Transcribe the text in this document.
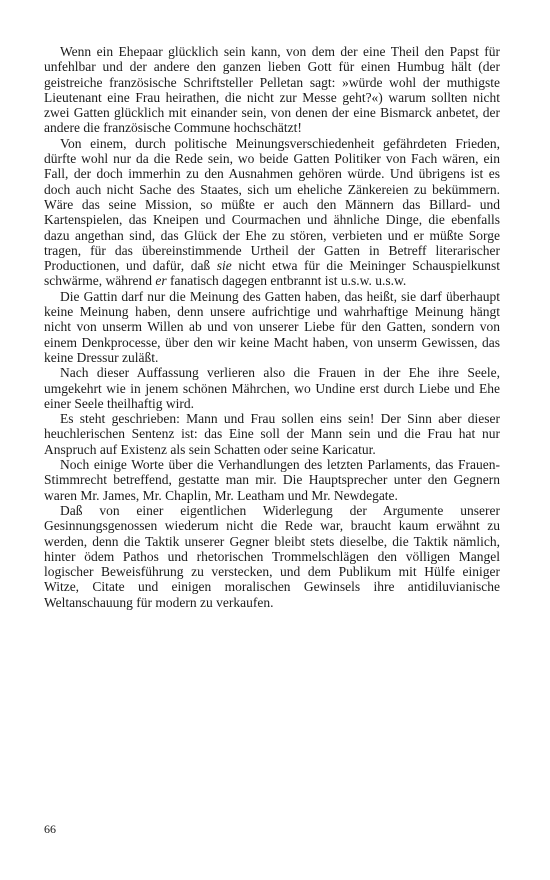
Wenn ein Ehepaar glücklich sein kann, von dem der eine Theil den Papst für unfehlbar und der andere den ganzen lieben Gott für einen Humbug hält (der geistreiche französische Schriftsteller Pelletan sagt: »würde wohl der muthigste Lieutenant eine Frau heirathen, die nicht zur Messe geht?«) warum sollten nicht zwei Gatten glücklich mit einander sein, von denen der eine Bismarck anbetet, der andere die französische Commune hochschätzt!

Von einem, durch politische Meinungsverschiedenheit gefährdeten Frieden, dürfte wohl nur da die Rede sein, wo beide Gatten Politiker von Fach wären, ein Fall, der doch immerhin zu den Ausnahmen gehören würde. Und übrigens ist es doch auch nicht Sache des Staates, sich um eheliche Zänkereien zu bekümmern. Wäre das seine Mission, so müßte er auch den Männern das Billard- und Kartenspielen, das Kneipen und Courmachen und ähnliche Dinge, die ebenfalls dazu angethan sind, das Glück der Ehe zu stören, verbieten und er müßte Sorge tragen, für das übereinstimmende Urtheil der Gatten in Betreff literarischer Productionen, und dafür, daß sie nicht etwa für die Meininger Schauspielkunst schwärme, während er fanatisch dagegen entbrannt ist u.s.w. u.s.w.

Die Gattin darf nur die Meinung des Gatten haben, das heißt, sie darf überhaupt keine Meinung haben, denn unsere aufrichtige und wahrhaftige Meinung hängt nicht von unserm Willen ab und von unserer Liebe für den Gatten, sondern von einem Denkprocesse, über den wir keine Macht haben, von unserm Gewissen, das keine Dressur zuläßt.

Nach dieser Auffassung verlieren also die Frauen in der Ehe ihre Seele, umgekehrt wie in jenem schönen Mährchen, wo Undine erst durch Liebe und Ehe einer Seele theilhaftig wird.

Es steht geschrieben: Mann und Frau sollen eins sein! Der Sinn aber dieser heuchlerischen Sentenz ist: das Eine soll der Mann sein und die Frau hat nur Anspruch auf Existenz als sein Schatten oder seine Karicatur.

Noch einige Worte über die Verhandlungen des letzten Parlaments, das Frauen-Stimmrecht betreffend, gestatte man mir. Die Hauptsprecher unter den Gegnern waren Mr. James, Mr. Chaplin, Mr. Leatham und Mr. Newdegate.

Daß von einer eigentlichen Widerlegung der Argumente unserer Gesinnungsgenossen wiederum nicht die Rede war, braucht kaum erwähnt zu werden, denn die Taktik unserer Gegner bleibt stets dieselbe, die Taktik nämlich, hinter ödem Pathos und rhetorischen Trommelschlägen den völligen Mangel logischer Beweisführung zu verstecken, und dem Publikum mit Hülfe einiger Witze, Citate und einigen moralischen Gewinsels ihre antidiluvianische Weltanschauung für modern zu verkaufen.

66
